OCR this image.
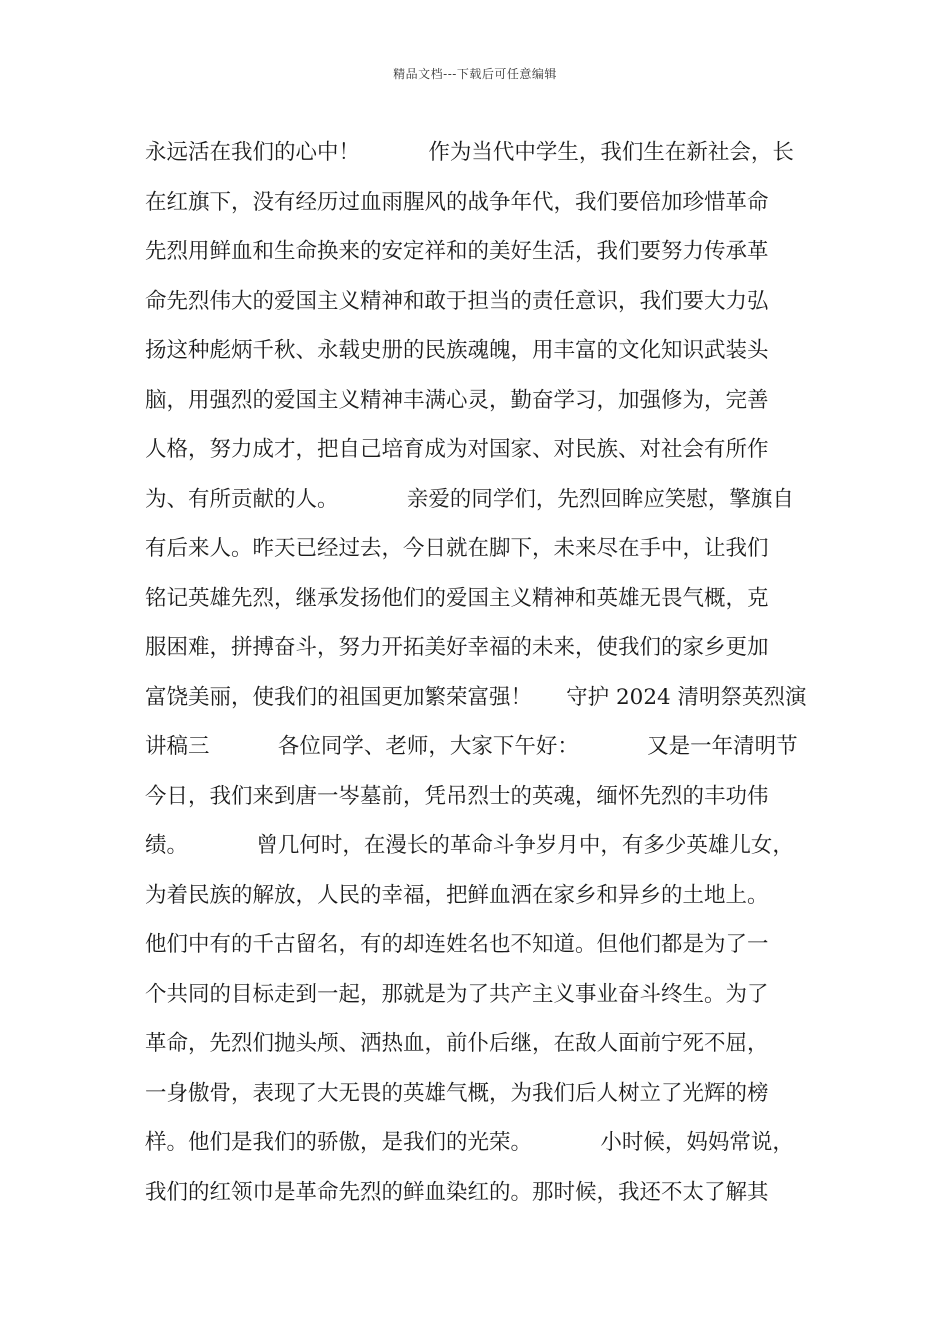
精品文档---下载后可任意编辑
永远活在我们的心中！          作为当代中学生，我们生在新社会，长
在红旗下，没有经历过血雨腥风的战争年代，我们要倍加珍惜革命
先烈用鲜血和生命换来的安定祥和的美好生活，我们要努力传承革
命先烈伟大的爱国主义精神和敢于担当的责任意识，我们要大力弘
扬这种彪炳千秋、永载史册的民族魂魄，用丰富的文化知识武装头
脑，用强烈的爱国主义精神丰满心灵，勤奋学习，加强修为，完善
人格，努力成才，把自己培育成为对国家、对民族、对社会有所作
为、有所贡献的人。          亲爱的同学们，先烈回眸应笑慰，擎旗自
有后来人。昨天已经过去，今日就在脚下，未来尽在手中，让我们
铭记英雄先烈，继承发扬他们的爱国主义精神和英雄无畏气概，克
服困难，拼搏奋斗，努力开拓美好幸福的未来，使我们的家乡更加
富饶美丽，使我们的祖国更加繁荣富强！     守护 2024 清明祭英烈演
讲稿三          各位同学、老师，大家下午好：          又是一年清明节
今日，我们来到唐一岑墓前，凭吊烈士的英魂，缅怀先烈的丰功伟
绩。          曾几何时，在漫长的革命斗争岁月中，有多少英雄儿女，
为着民族的解放，人民的幸福，把鲜血洒在家乡和异乡的土地上。
他们中有的千古留名，有的却连姓名也不知道。但他们都是为了一
个共同的目标走到一起，那就是为了共产主义事业奋斗终生。为了
革命，先烈们抛头颅、洒热血，前仆后继，在敌人面前宁死不屈，
一身傲骨，表现了大无畏的英雄气概，为我们后人树立了光辉的榜
样。他们是我们的骄傲，是我们的光荣。          小时候，妈妈常说，
我们的红领巾是革命先烈的鲜血染红的。那时候，我还不太了解其
